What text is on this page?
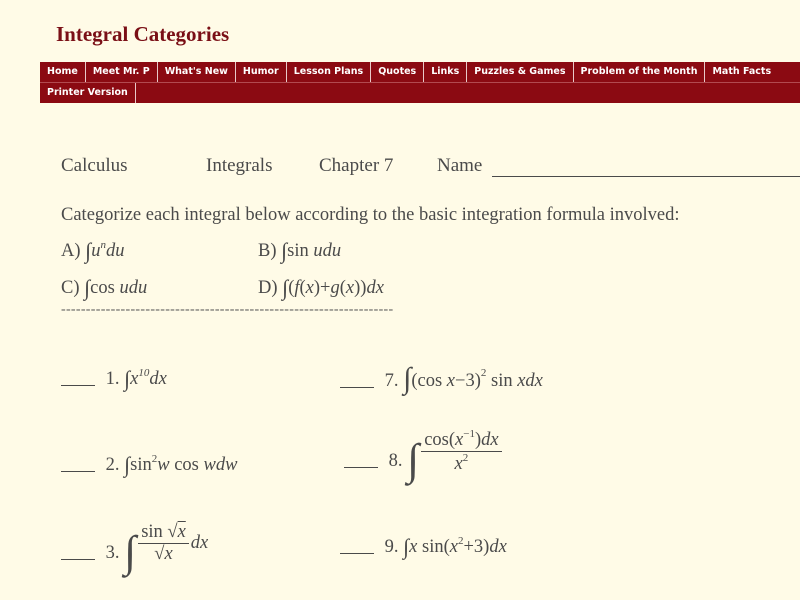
Integral Categories
Home	Meet Mr. P	What's New	Humor	Lesson Plans	Quotes	Links	Puzzles & Games	Problem of the Month	Math Facts
Printer Version
Calculus	Integrals Chapter 7 Name
Categorize each integral below according to the basic integration formula involved:
A) $\int u^ndu$	B) ∫sin udu
C) ∫cos udu	D) ∫(f(x)+g(x))dx
-------------------------------------------------------------------
1. $\int x^{10}dx$	7. ∫(cos x−3)$^2$ sin xdx
2. $\int\sin^2w$ cos wdw	8. ∫ $\frac{\cos(x^{-1})dx}{x^2}$
3. ∫ $\frac{\sin √x}{√x}$ dx	9. ∫x $\sin(x^2+3)dx$
